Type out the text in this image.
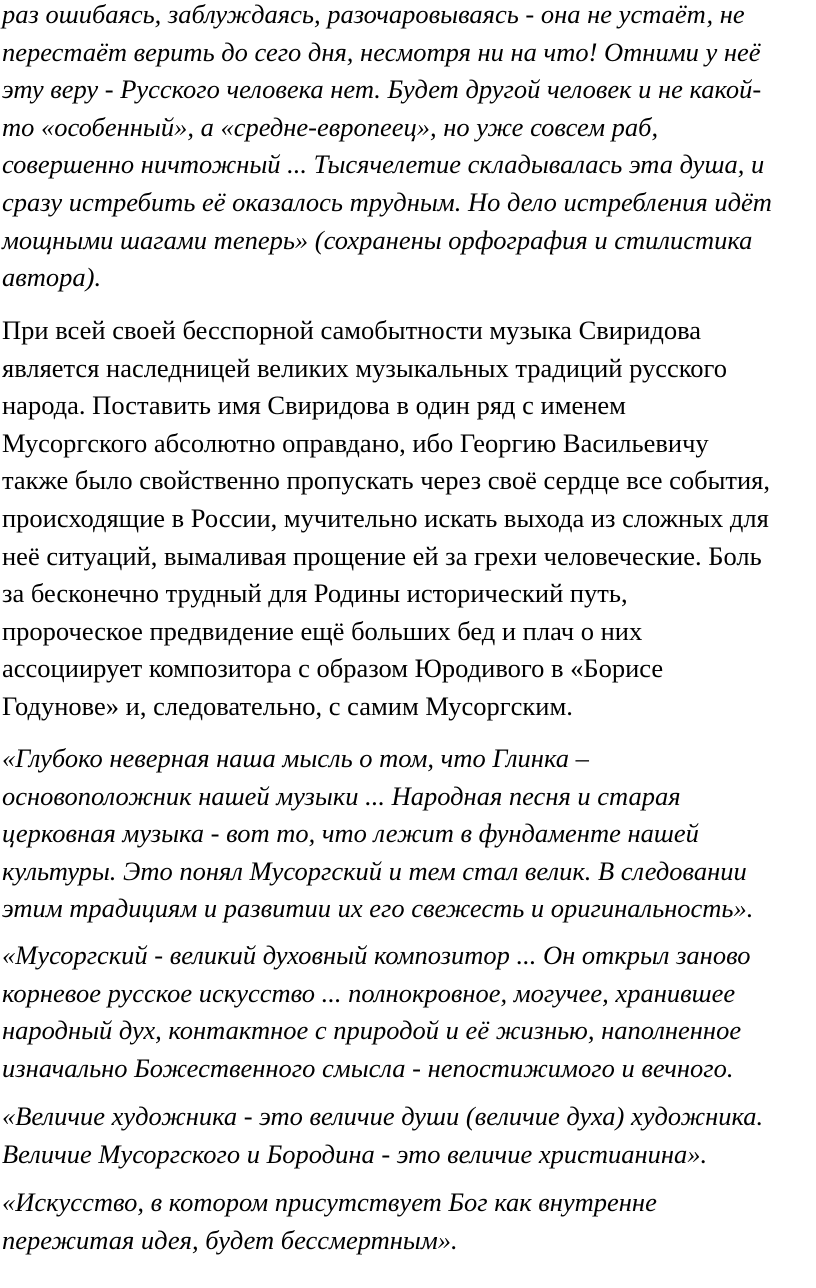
раз ошибаясь, заблуждаясь, разочаровываясь - она не устаёт, не
перестаёт верить до сего дня, несмотря ни на что! Отними у неё
эту веру - Русского человека нет. Будет другой человек и не какой-
то «особенный», а «средне-европеец», но уже совсем раб,
совершенно ничтожный ... Тысячелетие складывалась эта душа, и
сразу истребить её оказалось трудным. Но дело истребления идёт
мощными шагами теперь» (сохранены орфография и стилистика
автора).
При всей своей бесспорной самобытности музыка Свиридова
является наследницей великих музыкальных традиций русского
народа. Поставить имя Свиридова в один ряд с именем
Мусоргского абсолютно оправдано, ибо Георгию Васильевичу
также было свойственно пропускать через своё сердце все события,
происходящие в России, мучительно искать выхода из сложных для
неё ситуаций, вымаливая прощение ей за грехи человеческие. Боль
за бесконечно трудный для Родины исторический путь,
пророческое предвидение ещё больших бед и плач о них
ассоциирует композитора с образом Юродивого в «Борисе
Годунове» и, следовательно, с самим Мусоргским.
«Глубоко неверная наша мысль о том, что Глинка –
основоположник нашей музыки ... Народная песня и старая
церковная музыка - вот то, что лежит в фундаменте нашей
культуры. Это понял Мусоргский и тем стал велик. В следовании
этим традициям и развитии их его свежесть и оригинальность».
«Мусоргский - великий духовный композитор ... Он открыл заново
корневое русское искусство ... полнокровное, могучее, хранившее
народный дух, контактное с природой и её жизнью, наполненное
изначально Божественного смысла - непостижимого и вечного.
«Величие художника - это величие души (величие духа) художника.
Величие Мусоргского и Бородина - это величие христианина».
«Искусство, в котором присутствует Бог как внутренне
пережитая идея, будет бессмертным».
